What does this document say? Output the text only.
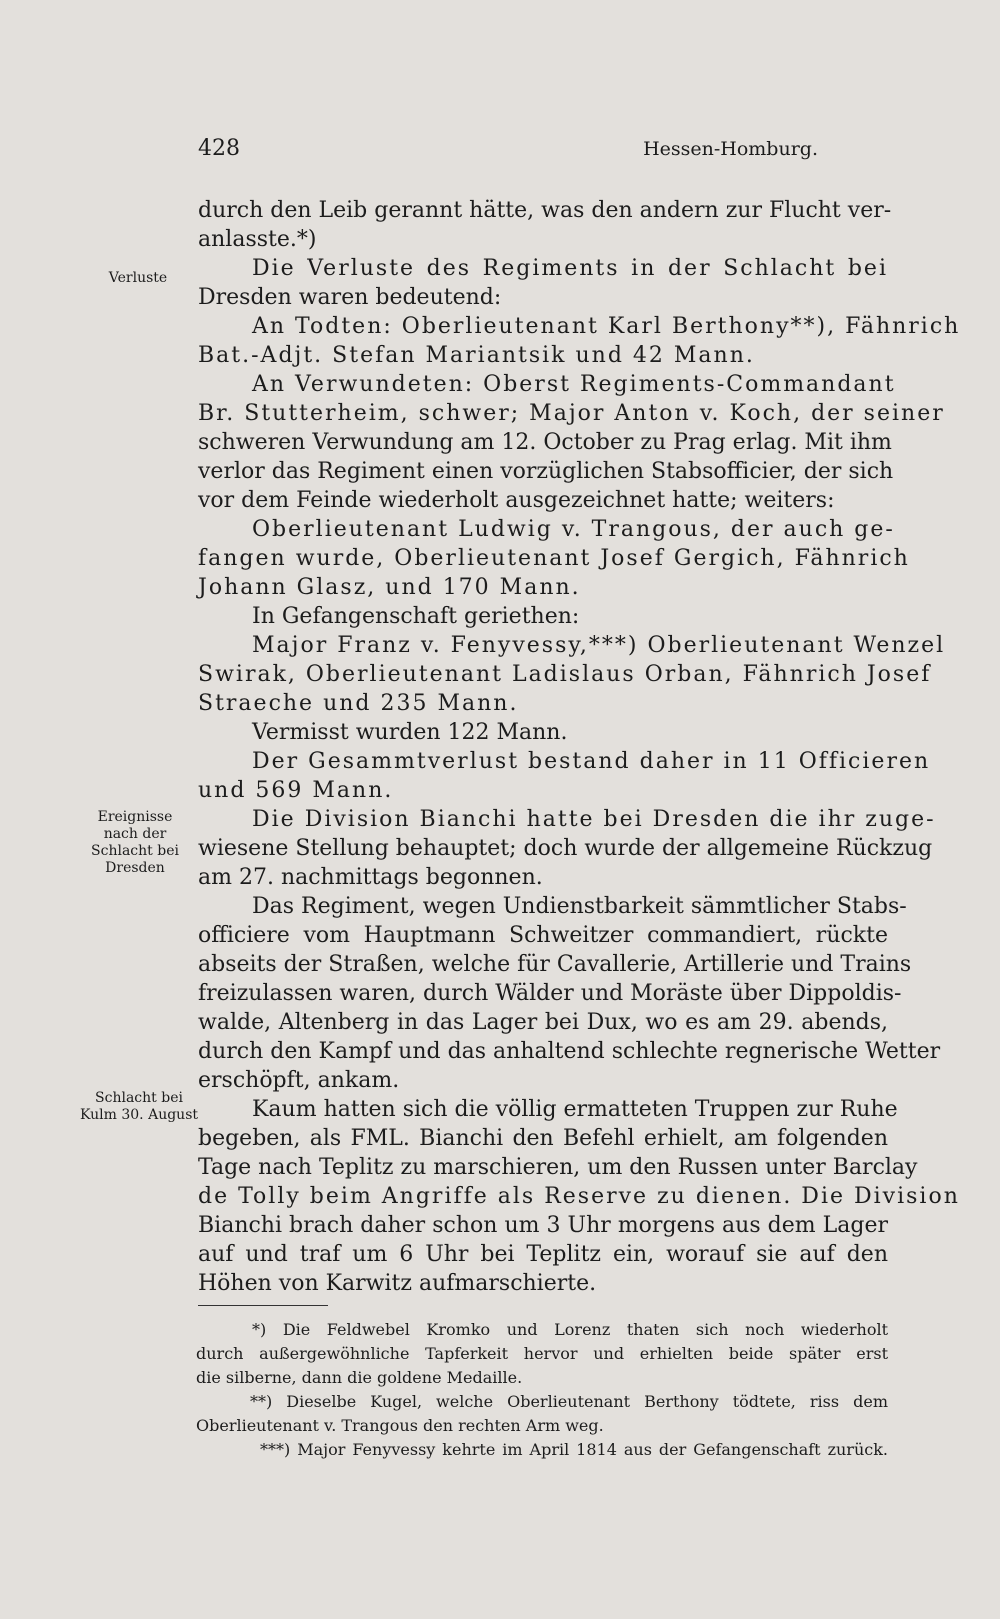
428	Hessen-Homburg.
Verluste
Ereignisse nach der Schlacht bei Dresden
Schlacht bei Kulm 30. August
durch den Leib gerannt hätte, was den andern zur Flucht ver-
anlasste.*)
Die Verluste des Regiments in der Schlacht bei
Dresden waren bedeutend:
An Todten: Oberlieutenant Karl Berthony**), Fähnrich
Bat.-Adjt. Stefan Mariantsik und 42 Mann.
An Verwundeten: Oberst Regiments-Commandant
Br. Stutterheim, schwer; Major Anton v. Koch, der seiner
schweren Verwundung am 12. October zu Prag erlag. Mit ihm
verlor das Regiment einen vorzüglichen Stabsofficier, der sich
vor dem Feinde wiederholt ausgezeichnet hatte; weiters:
Oberlieutenant Ludwig v. Trangous, der auch ge-
fangen wurde, Oberlieutenant Josef Gergich, Fähnrich
Johann Glasz, und 170 Mann.
In Gefangenschaft geriethen:
Major Franz v. Fenyvessy,***) Oberlieutenant Wenzel
Swirak, Oberlieutenant Ladislaus Orban, Fähnrich Josef
Straeche und 235 Mann.
Vermisst wurden 122 Mann.
Der Gesammtverlust bestand daher in 11 Officieren
und 569 Mann.
Die Division Bianchi hatte bei Dresden die ihr zuge-
wiesene Stellung behauptet; doch wurde der allgemeine Rückzug
am 27. nachmittags begonnen.
Das Regiment, wegen Undienstbarkeit sämmtlicher Stabs-
officiere vom Hauptmann Schweitzer commandiert, rückte
abseits der Straßen, welche für Cavallerie, Artillerie und Trains
freizulassen waren, durch Wälder und Moräste über Dippoldis-
walde, Altenberg in das Lager bei Dux, wo es am 29. abends,
durch den Kampf und das anhaltend schlechte regnerische Wetter
erschöpft, ankam.
Kaum hatten sich die völlig ermatteten Truppen zur Ruhe
begeben, als FML. Bianchi den Befehl erhielt, am folgenden
Tage nach Teplitz zu marschieren, um den Russen unter Barclay
de Tolly beim Angriffe als Reserve zu dienen. Die Division
Bianchi brach daher schon um 3 Uhr morgens aus dem Lager
auf und traf um 6 Uhr bei Teplitz ein, worauf sie auf den
Höhen von Karwitz aufmarschierte.
*) Die Feldwebel Kromko und Lorenz thaten sich noch wiederholt
durch außergewöhnliche Tapferkeit hervor und erhielten beide später erst
die silberne, dann die goldene Medaille.
**) Dieselbe Kugel, welche Oberlieutenant Berthony tödtete, riss dem
Oberlieutenant v. Trangous den rechten Arm weg.
***) Major Fenyvessy kehrte im April 1814 aus der Gefangenschaft zurück.
